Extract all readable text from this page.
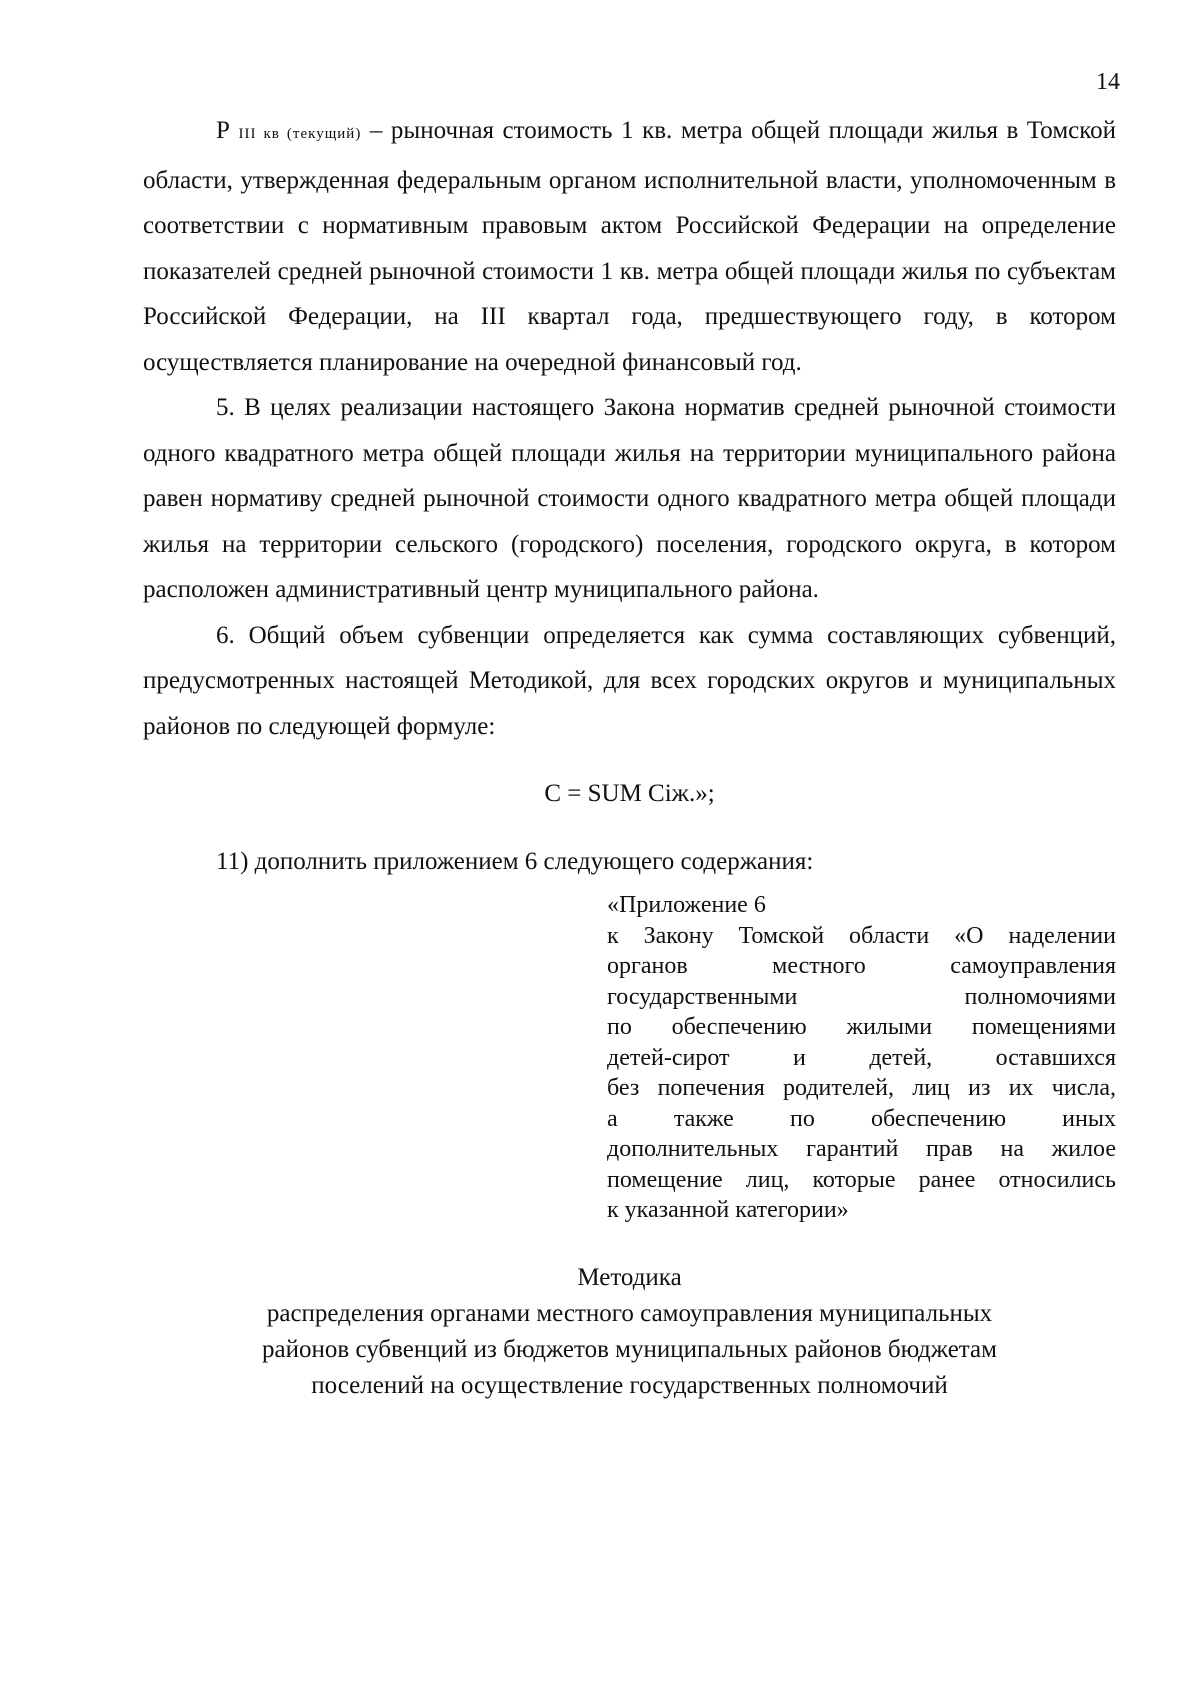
14

Р III кв (текущий) – рыночная стоимость 1 кв. метра общей площади жилья в Томской области, утвержденная федеральным органом исполнительной власти, уполномоченным в соответствии с нормативным правовым актом Российской Федерации на определение показателей средней рыночной стоимости 1 кв. метра общей площади жилья по субъектам Российской Федерации, на III квартал года, предшествующего году, в котором осуществляется планирование на очередной финансовый год.

5. В целях реализации настоящего Закона норматив средней рыночной стоимости одного квадратного метра общей площади жилья на территории муниципального района равен нормативу средней рыночной стоимости одного квадратного метра общей площади жилья на территории сельского (городского) поселения, городского округа, в котором расположен административный центр муниципального района.

6. Общий объем субвенции определяется как сумма составляющих субвенций, предусмотренных настоящей Методикой, для всех городских округов и муниципальных районов по следующей формуле:

С = SUM Ciж.»;

11) дополнить приложением 6 следующего содержания:

«Приложение 6
к Закону Томской области «О наделении
органов местного самоуправления
государственными полномочиями
по обеспечению жилыми помещениями
детей-сирот и детей, оставшихся
без попечения родителей, лиц из их числа,
а также по обеспечению иных
дополнительных гарантий прав на жилое
помещение лиц, которые ранее относились
к указанной категории»
Методика

распределения органами местного самоуправления муниципальных

районов субвенций из бюджетов муниципальных районов бюджетам

поселений на осуществление государственных полномочий
